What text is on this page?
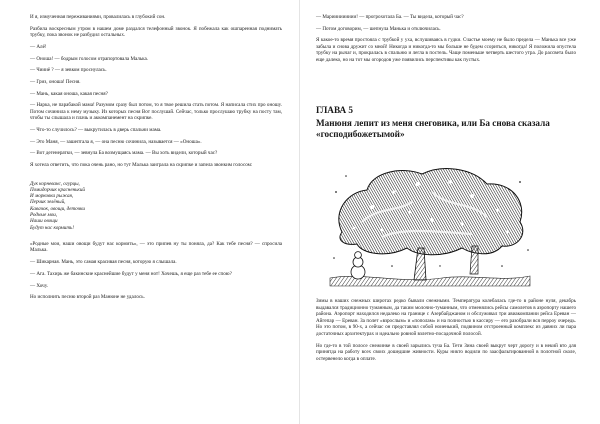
И я, измученная переживаниями, провалилась в глубокий сон.

Разбила воскресным утром в нашем доме раздался телефонный звонок. Я побежала как ошпаренная поднимать трубку, пока звонок не разбудил остальных.

— Алё!

— Оноша! — бодрым голосом отрапортовала Малька.

— Чиииё ? — я зевком проснулась.

— Гриз, оноша! Песня.

— Мань, какая оноша, какая песня?

— Нарка, не парабакой мама! Разумом сразу был потом, то я твое решила стать потом. Я написала стих про оношу. Потом сочинила к нему музыку. Из которых песня Вот послушай. Сейчас, только прослушаю трубку на посту там, чтобы ты слышала и плачь и аккомпанемент на скрипке.

— Что-то случилось? — выкрутилась в дверь спальни мама.

— Это Маня, — зашептала я, — она песню сочинила, называется — «Оноша».

— Вот дегенератки, — зевнула Ба возмущаясь мама. — Вы хоть видели, который час?

Я хотела ответить, что пока очень рано, но тут Малька заиграла на скрипке и запела звонким голосом:

Дук корневанс, огурцы,
Помидорчик красненький
И морковка рыжая,
Перчик зелёный,
Кавачок, овощи, деточки
Родные мои,
Наши овощи
Будут нас кормить!

«Родные мои, наши овощи будут нас кормить», — это припев ну ты поняла, да? Как тебе песня? — спросила Малька.

— Шикарная. Мань, это самая красивая песня, которую я слышала.

— Ага. Тахирь же бакинские краснейшие будут у меня нот! Хочешь, я еще раз тебе ее спою?

— Хочу.

Но исполнить песню второй раз Манюне не удалось.

— Мариииииииии! — прогрохотала Ба. — Ты видела, который час?

— Потом договорим, — шепнула Манька и отключилась.

Я какое-то время простояла с трубкой у уха, вслушиваясь в гудки. Счастье моему не было предела — Манька все уже забыла и снова дружит со мной! Никогда и никогда-то мы больше не будем ссориться, никогда! Я положила опустела трубку на рычаг и, прокралась в спальню и легла в постель. Чаще поменьше четверть шестого утра. До рассвета было еще далеко, но на тот мы огородов уже появились перспективы как пустых.

ГЛАВА 5
Манюня лепит из меня снеговика, или Ба снова сказала
«господибожетымой»

Зимы в наших снежных широтах редко бывали снежными. Температура колебалась где-то в районе нуля, декабрь выдавался традиционно туманным, да таким молочно-туманным, что отменялись рейсы самолетов в аэропорту нашего района. Аэропорт находился недалеко на границе с Азербайджаном и обслуживал три авиакомпании рейса Ереван — Айгепар — Ереван. За полет «взрослым» и «пополам» и на полностью в кассиру — его разобрали вся перроу очередь. Но это потом, в 90-х, а сейчас он представлял собой ноиенький, подвином отстроенный комплекс из давних ли пара достаточных архитектурах и идеально ровной взлетно-посадочной полосой.

Но где-то в той полосе снежинке в своей зарылись туча Ба. Тети Зина своей выкрут черт дорогу и в некий вто для принятда на работу всех своих дошедшие живности. Куры никто водили по заасфальтированной в полотной сколе, остервенело когда в оплате.
